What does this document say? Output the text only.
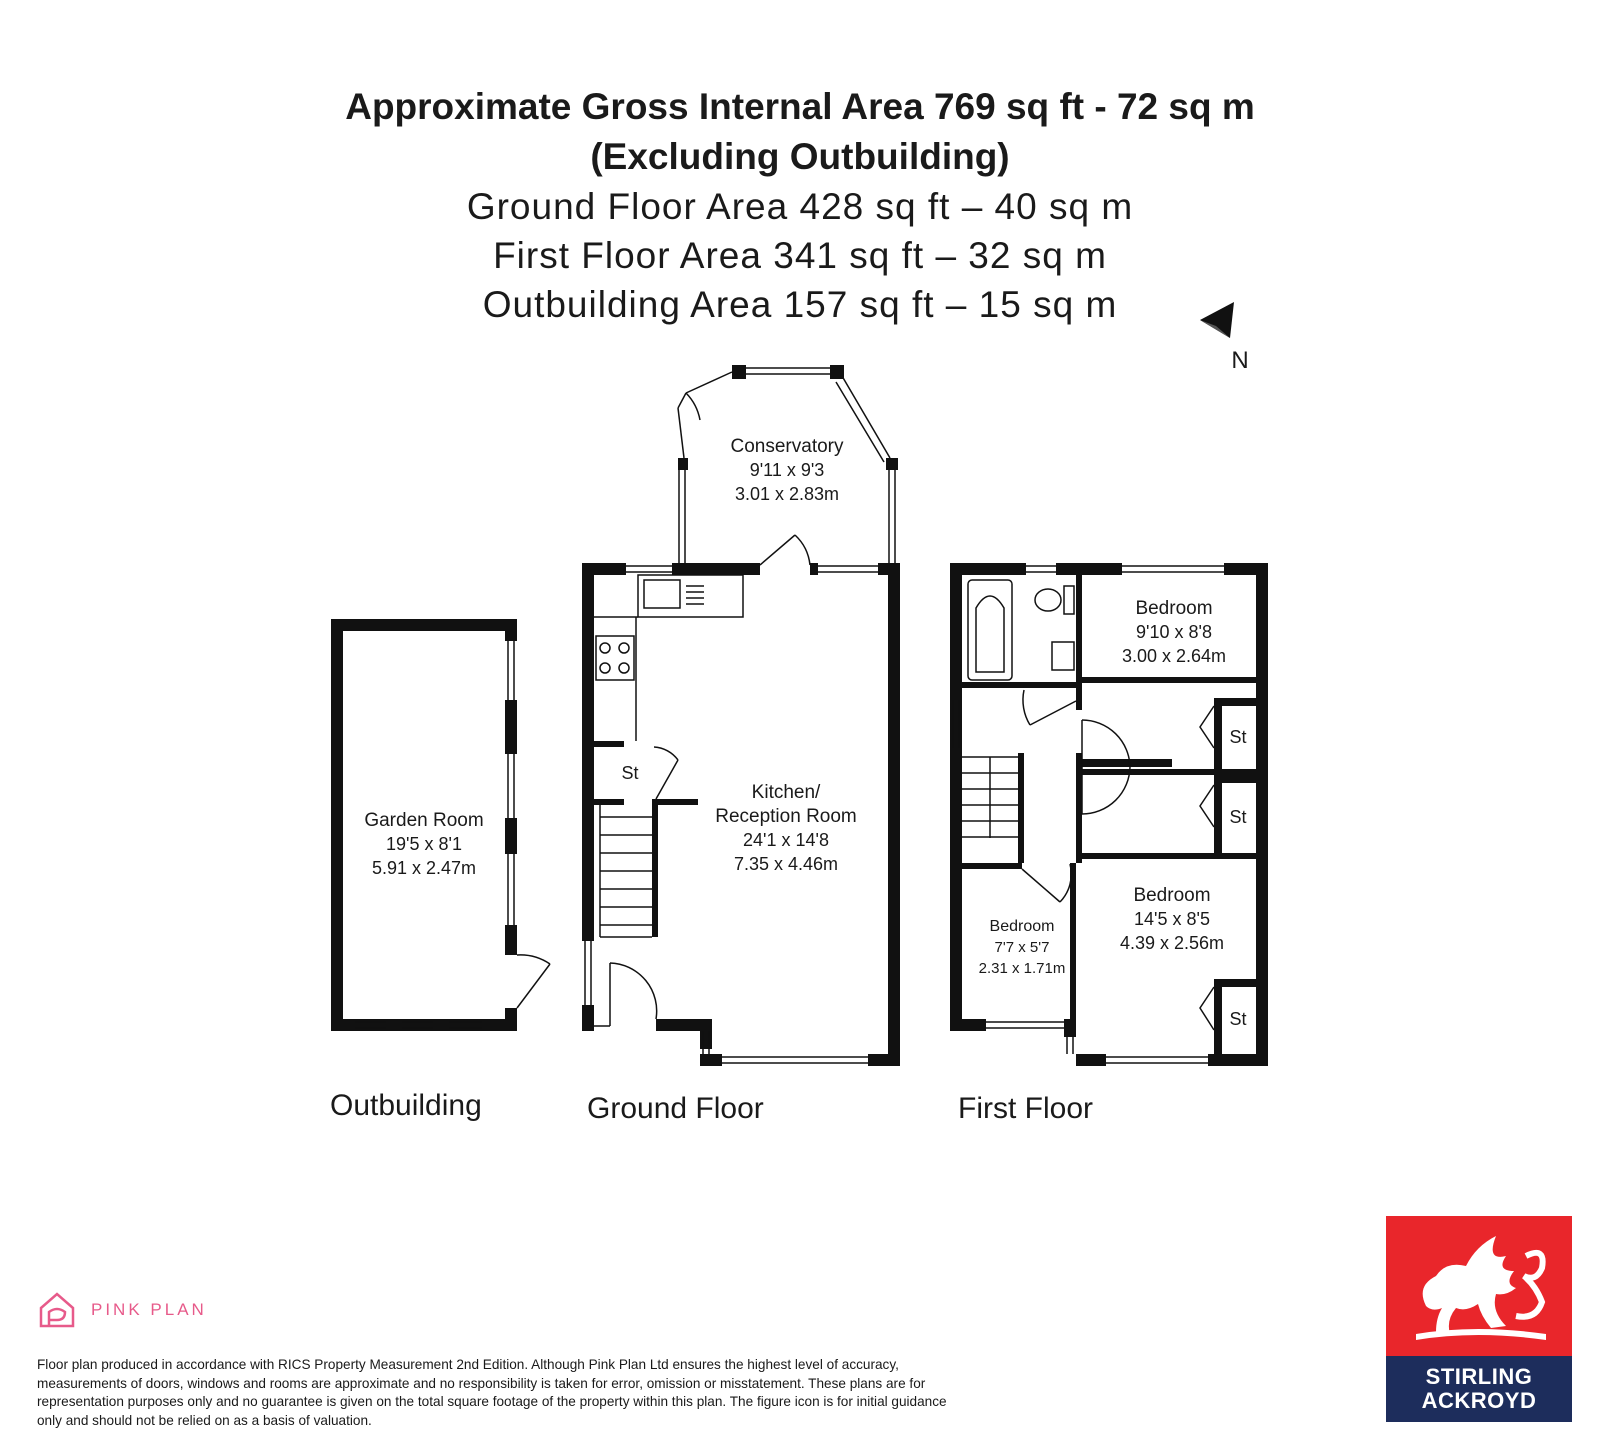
Approximate Gross Internal Area 769 sq ft - 72 sq m
(Excluding Outbuilding)
Ground Floor Area 428 sq ft – 40 sq m
First Floor Area 341 sq ft – 32 sq m
Outbuilding Area 157 sq ft – 15 sq m
N
Conservatory
9'11 x 9'3
3.01 x 2.83m
Kitchen/
Reception Room
24'1 x 14'8
7.35 x 4.46m
St
Garden Room
19'5 x 8'1
5.91 x 2.47m
Bedroom
9'10 x 8'8
3.00 x 2.64m
St
St
St
Bedroom
14'5 x 8'5
4.39 x 2.56m
Bedroom
7'7 x 5'7
2.31 x 1.71m
Outbuilding	Ground Floor	First Floor
PINK PLAN
Floor plan produced in accordance with RICS Property Measurement 2nd Edition. Although Pink Plan Ltd ensures the highest level of accuracy, measurements of doors, windows and rooms are approximate and no responsibility is taken for error, omission or misstatement. These plans are for representation purposes only and no guarantee is given on the total square footage of the property within this plan. The figure icon is for initial guidance only and should not be relied on as a basis of valuation.
STIRLING
ACKROYD
